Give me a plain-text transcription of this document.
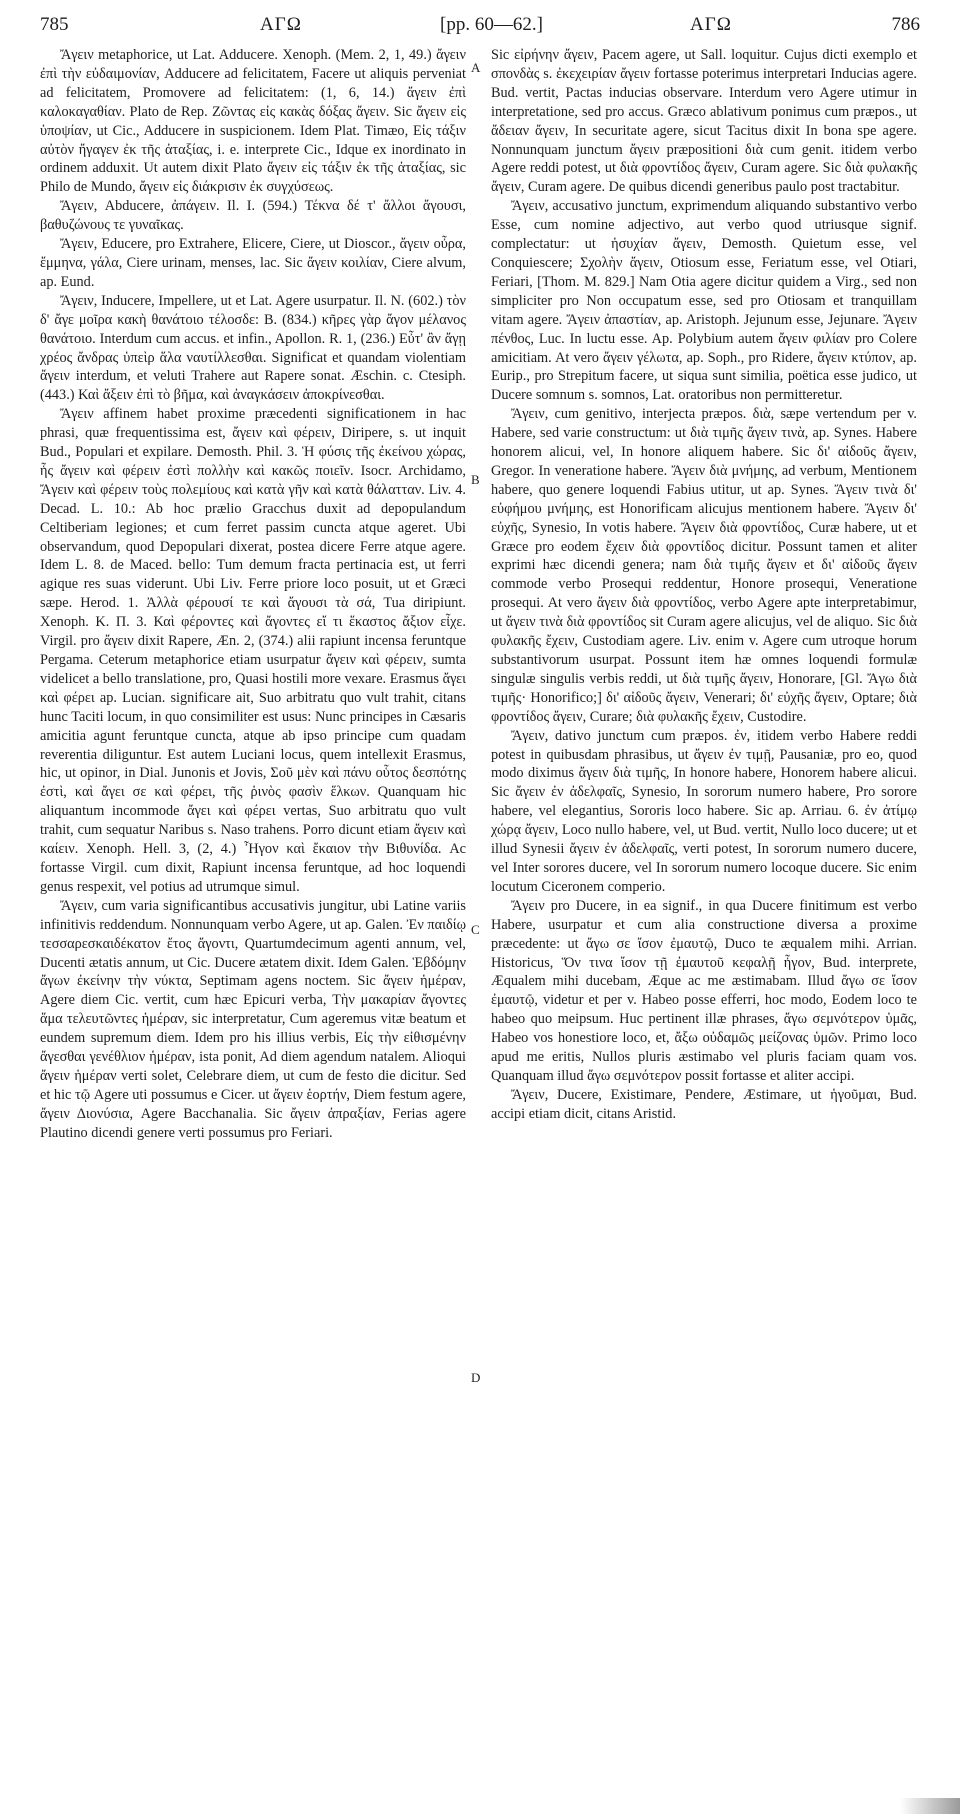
785	ΑΓΩ	[pp. 60—62.]	ΑΓΩ	786

Ἄγειν metaphorice, ut Lat. Adducere. Xenoph. (Mem. 2, 1, 49.) ἄγειν ἐπὶ τὴν εὐδαιμονίαν, Adducere ad felicitatem, Facere ut aliquis perveniat ad felicitatem, Promovere ad felicitatem: (1, 6, 14.) ἄγειν ἐπὶ καλοκαγαθίαν. Plato de Rep. Ζῶντας εἰς κακὰς δόξας ἄγειν. Sic ἄγειν εἰς ὑποψίαν, ut Cic., Adducere in suspicionem. Idem Plat. Timæo, Εἰς τάξιν αὐτὸν ἤγαγεν ἐκ τῆς ἀταξίας, i. e. interprete Cic., Idque ex inordinato in ordinem adduxit. Ut autem dixit Plato ἄγειν εἰς τάξιν ἐκ τῆς ἀταξίας, sic Philo de Mundo, ἄγειν εἰς διάκρισιν ἐκ συγχύσεως.

Ἄγειν, Abducere, ἀπάγειν. Il. I. (594.) Τέκνα δέ τ' ἄλλοι ἄγουσι, βαθυζώνους τε γυναῖκας.

Ἄγειν, Educere, pro Extrahere, Elicere, Ciere, ut Dioscor., ἄγειν οὖρα, ἔμμηνα, γάλα, Ciere urinam, menses, lac. Sic ἄγειν κοιλίαν, Ciere alvum, ap. Eund.

Ἄγειν, Inducere, Impellere, ut et Lat. Agere usurpatur. Il. N. (602.) τὸν δ' ἄγε μοῖρα κακὴ θανάτοιο τέλοσδε: B. (834.) κῆρες γὰρ ἄγον μέλανος θανάτοιο. Interdum cum accus. et infin., Apollon. R. 1, (236.) Εὖτ' ἂν ἄγῃ χρέος ἄνδρας ὑπεὶρ ἅλα ναυτίλλεσθαι. Significat et quandam violentiam ἄγειν interdum, et veluti Trahere aut Rapere sonat. Æschin. c. Ctesiph. (443.) Καὶ ἄξειν ἐπὶ τὸ βῆμα, καὶ ἀναγκάσειν ἀποκρίνεσθαι.

Ἄγειν affinem habet proxime præcedenti significationem in hac phrasi, quæ frequentissima est, ἄγειν καὶ φέρειν, Diripere, s. ut inquit Bud., Populari et expilare. Demosth. Phil. 3. Ἡ φύσις τῆς ἐκείνου χώρας, ἧς ἄγειν καὶ φέρειν ἐστὶ πολλὴν καὶ κακῶς ποιεῖν. Isocr. Archidamo, Ἄγειν καὶ φέρειν τοὺς πολεμίους καὶ κατὰ γῆν καὶ κατὰ θάλατταν. Liv. 4. Decad. L. 10.: Ab hoc prælio Gracchus duxit ad depopulandum Celtiberiam legiones; et cum ferret passim cuncta atque ageret. Ubi observandum, quod Depopulari dixerat, postea dicere Ferre atque agere. Idem L. 8. de Maced. bello: Tum demum fracta pertinacia est, ut ferri agique res suas viderunt. Ubi Liv. Ferre priore loco posuit, ut et Græci sæpe. Herod. 1. Ἀλλὰ φέρουσί τε καὶ ἄγουσι τὰ σά, Tua diripiunt. Xenoph. K. Π. 3. Καὶ φέροντες καὶ ἄγοντες εἴ τι ἕκαστος ἄξιον εἶχε. Virgil. pro ἄγειν dixit Rapere, Æn. 2, (374.) alii rapiunt incensa feruntque Pergama. Ceterum metaphorice etiam usurpatur ἄγειν καὶ φέρειν, sumta videlicet a bello translatione, pro, Quasi hostili more vexare. Erasmus ἄγει καὶ φέρει ap. Lucian. significare ait, Suo arbitratu quo vult trahit, citans hunc Taciti locum, in quo consimiliter est usus: Nunc principes in Cæsaris amicitia agunt feruntque cuncta, atque ab ipso principe cum quadam reverentia diliguntur. Est autem Luciani locus, quem intellexit Erasmus, hic, ut opinor, in Dial. Junonis et Jovis, Σοῦ μὲν καὶ πάνυ οὗτος δεσπότης ἐστὶ, καὶ ἄγει σε καὶ φέρει, τῆς ῥινὸς φασὶν ἕλκων. Quanquam hic aliquantum incommode ἄγει καὶ φέρει vertas, Suo arbitratu quo vult trahit, cum sequatur Naribus s. Naso trahens. Porro dicunt etiam ἄγειν καὶ καίειν. Xenoph. Hell. 3, (2, 4.) Ἦγον καὶ ἔκαιον τὴν Βιθυνίδα. Ac fortasse Virgil. cum dixit, Rapiunt incensa feruntque, ad hoc loquendi genus respexit, vel potius ad utrumque simul.

Ἄγειν, cum varia significantibus accusativis jungitur, ubi Latine variis infinitivis reddendum. Nonnunquam verbo Agere, ut ap. Galen. Ἐν παιδίῳ τεσσαρεσκαιδέκατον ἔτος ἄγοντι, Quartumdecimum agenti annum, vel, Ducenti ætatis annum, ut Cic. Ducere ætatem dixit. Idem Galen. Ἑβδόμην ἄγων ἐκείνην τὴν νύκτα, Septimam agens noctem. Sic ἄγειν ἡμέραν, Agere diem Cic. vertit, cum hæc Epicuri verba, Τὴν μακαρίαν ἄγοντες ἅμα τελευτῶντες ἡμέραν, sic interpretatur, Cum ageremus vitæ beatum et eundem supremum diem. Idem pro his illius verbis, Εἰς τὴν εἰθισμένην ἄγεσθαι γενέθλιον ἡμέραν, ista ponit, Ad diem agendum natalem. Alioqui ἄγειν ἡμέραν verti solet, Celebrare diem, ut cum de festo die dicitur. Sed et hic τῷ Agere uti possumus e Cicer. ut ἄγειν ἑορτήν, Diem festum agere, ἄγειν Διονύσια, Agere Bacchanalia. Sic ἄγειν ἀπραξίαν, Ferias agere Plautino dicendi genere verti possumus pro Feriari.

A
B
C
D

Sic εἰρήνην ἄγειν, Pacem agere, ut Sall. loquitur. Cujus dicti exemplo et σπονδὰς s. ἐκεχειρίαν ἄγειν fortasse poterimus interpretari Inducias agere. Bud. vertit, Pactas inducias observare. Interdum vero Agere utimur in interpretatione, sed pro accus. Græco ablativum ponimus cum præpos., ut ἄδειαν ἄγειν, In securitate agere, sicut Tacitus dixit In bona spe agere. Nonnunquam junctum ἄγειν præpositioni διὰ cum genit. itidem verbo Agere reddi potest, ut διὰ φροντίδος ἄγειν, Curam agere. Sic διὰ φυλακῆς ἄγειν, Curam agere. De quibus dicendi generibus paulo post tractabitur.

Ἄγειν, accusativo junctum, exprimendum aliquando substantivo verbo Esse, cum nomine adjectivo, aut verbo quod utriusque signif. complectatur: ut ἡσυχίαν ἄγειν, Demosth. Quietum esse, vel Conquiescere; Σχολὴν ἄγειν, Otiosum esse, Feriatum esse, vel Otiari, Feriari, [Thom. M. 829.] Nam Otia agere dicitur quidem a Virg., sed non simpliciter pro Non occupatum esse, sed pro Otiosam et tranquillam vitam agere. Ἄγειν ἀπαστίαν, ap. Aristoph. Jejunum esse, Jejunare. Ἄγειν πένθος, Luc. In luctu esse. Ap. Polybium autem ἄγειν φιλίαν pro Colere amicitiam. At vero ἄγειν γέλωτα, ap. Soph., pro Ridere, ἄγειν κτύπον, ap. Eurip., pro Strepitum facere, ut siqua sunt similia, poëtica esse judico, ut Ducere somnum s. somnos, Lat. oratoribus non permitteretur.

Ἄγειν, cum genitivo, interjecta præpos. διὰ, sæpe vertendum per v. Habere, sed varie constructum: ut διὰ τιμῆς ἄγειν τινὰ, ap. Synes. Habere honorem alicui, vel, In honore aliquem habere. Sic δι' αἰδοῦς ἄγειν, Gregor. In veneratione habere. Ἄγειν διὰ μνήμης, ad verbum, Mentionem habere, quo genere loquendi Fabius utitur, ut ap. Synes. Ἄγειν τινὰ δι' εὐφήμου μνήμης, est Honorificam alicujus mentionem habere. Ἄγειν δι' εὐχῆς, Synesio, In votis habere. Ἄγειν διὰ φροντίδος, Curæ habere, ut et Græce pro eodem ἔχειν διὰ φροντίδος dicitur. Possunt tamen et aliter exprimi hæc dicendi genera; nam διὰ τιμῆς ἄγειν et δι' αἰδοῦς ἄγειν commode verbo Prosequi reddentur, Honore prosequi, Veneratione prosequi. At vero ἄγειν διὰ φροντίδος, verbo Agere apte interpretabimur, ut ἄγειν τινὰ διὰ φροντίδος sit Curam agere alicujus, vel de aliquo. Sic διὰ φυλακῆς ἔχειν, Custodiam agere. Liv. enim v. Agere cum utroque horum substantivorum usurpat. Possunt item hæ omnes loquendi formulæ singulæ singulis verbis reddi, ut διὰ τιμῆς ἄγειν, Honorare, [Gl. Ἄγω διὰ τιμῆς· Honorifico;] δι' αἰδοῦς ἄγειν, Venerari; δι' εὐχῆς ἄγειν, Optare; διὰ φροντίδος ἄγειν, Curare; διὰ φυλακῆς ἔχειν, Custodire.

Ἄγειν, dativo junctum cum præpos. ἐν, itidem verbo Habere reddi potest in quibusdam phrasibus, ut ἄγειν ἐν τιμῇ, Pausaniæ, pro eo, quod modo diximus ἄγειν διὰ τιμῆς, In honore habere, Honorem habere alicui. Sic ἄγειν ἐν ἀδελφαῖς, Synesio, In sororum numero habere, Pro sorore habere, vel elegantius, Sororis loco habere. Sic ap. Arriau. 6. ἐν ἀτίμῳ χώρᾳ ἄγειν, Loco nullo habere, vel, ut Bud. vertit, Nullo loco ducere; ut et illud Synesii ἄγειν ἐν ἀδελφαῖς, verti potest, In sororum numero ducere, vel Inter sorores ducere, vel In sororum numero locoque ducere. Sic enim locutum Ciceronem comperio.

Ἄγειν pro Ducere, in ea signif., in qua Ducere finitimum est verbo Habere, usurpatur et cum alia constructione diversa a proxime præcedente: ut ἄγω σε ἴσον ἐμαυτῷ, Duco te æqualem mihi. Arrian. Historicus, Ὅν τινα ἴσον τῇ ἐμαυτοῦ κεφαλῇ ἦγον, Bud. interprete, Æqualem mihi ducebam, Æque ac me æstimabam. Illud ἄγω σε ἴσον ἐμαυτῷ, videtur et per v. Habeo posse efferri, hoc modo, Eodem loco te habeo quo meipsum. Huc pertinent illæ phrases, ἄγω σεμνότερον ὑμᾶς, Habeo vos honestiore loco, et, ἄξω οὐδαμῶς μείζονας ὑμῶν. Primo loco apud me eritis, Nullos pluris æstimabo vel pluris faciam quam vos. Quanquam illud ἄγω σεμνότερον possit fortasse et aliter accipi.

Ἄγειν, Ducere, Existimare, Pendere, Æstimare, ut ἡγοῦμαι, Bud. accipi etiam dicit, citans Aristid.
